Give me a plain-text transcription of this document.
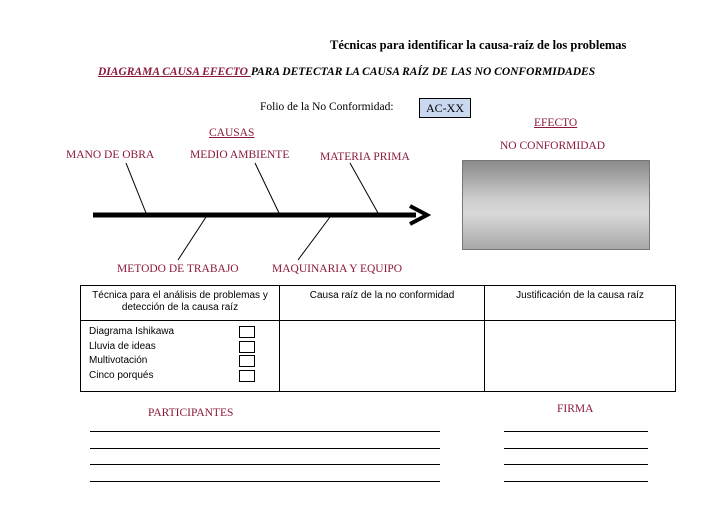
Técnicas para identificar la causa-raíz de los problemas
DIAGRAMA CAUSA EFECTO PARA DETECTAR LA CAUSA RAÍZ DE LAS NO CONFORMIDADES
Folio de la No Conformidad:	AC-XX
CAUSAS
MANO DE OBRA	MEDIO AMBIENTE	MATERIA PRIMA
METODO DE TRABAJO	MAQUINARIA Y EQUIPO
EFECTO
NO CONFORMIDAD
Técnica para el análisis de problemas y detección de la causa raíz	Causa raíz de la no conformidad	Justificación de la causa raíz

Diagrama Ishikawa
Lluvia de ideas
Multivotación
Cinco porqués		

PARTICIPANTES	FIRMA
